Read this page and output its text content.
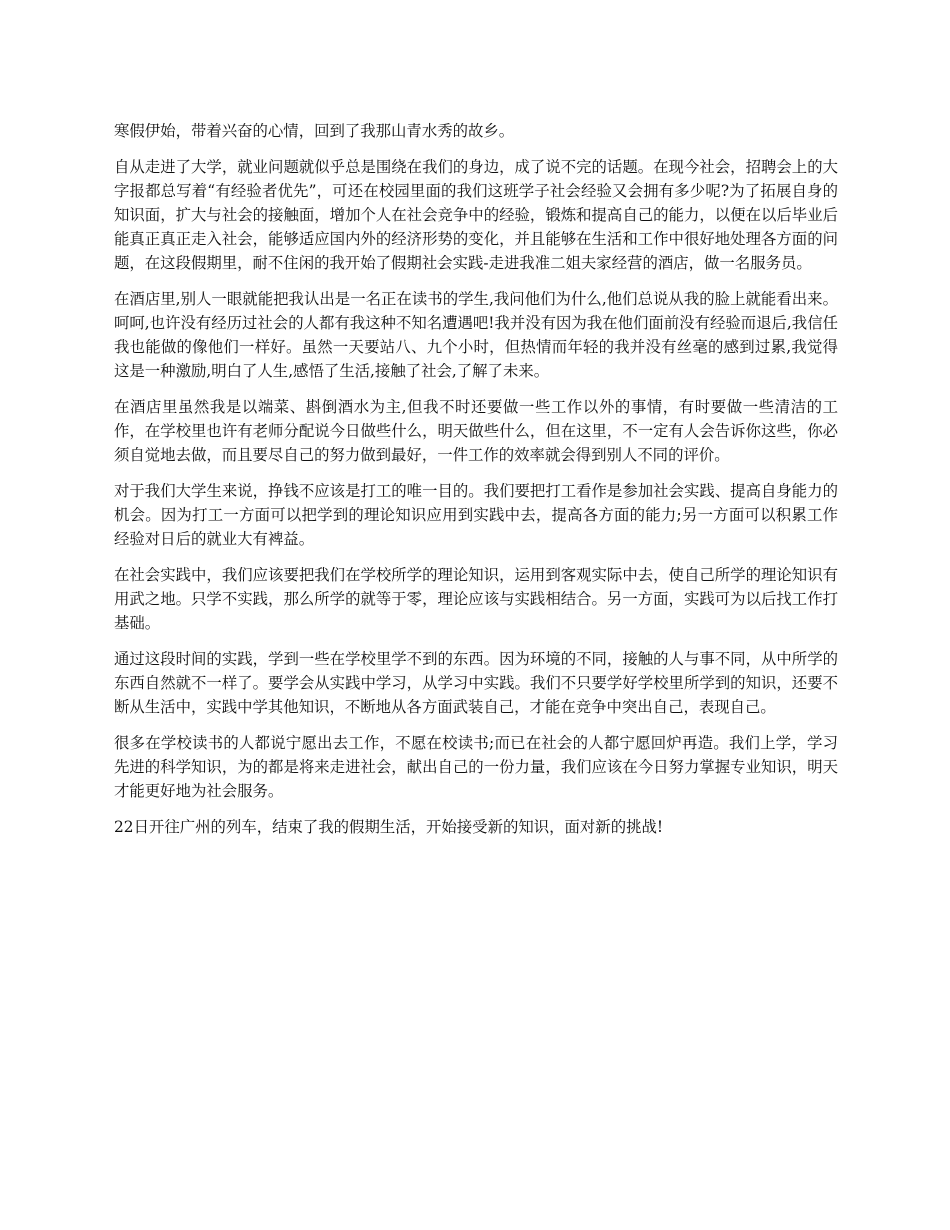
寒假伊始，带着兴奋的心情，回到了我那山青水秀的故乡。

自从走进了大学，就业问题就似乎总是围绕在我们的身边，成了说不完的话题。在现今社会，招聘会上的大字报都总写着“有经验者优先”，可还在校园里面的我们这班学子社会经验又会拥有多少呢?为了拓展自身的知识面，扩大与社会的接触面，增加个人在社会竞争中的经验，锻炼和提高自己的能力，以便在以后毕业后能真正真正走入社会，能够适应国内外的经济形势的变化，并且能够在生活和工作中很好地处理各方面的问题，在这段假期里，耐不住闲的我开始了假期社会实践-走进我准二姐夫家经营的酒店，做一名服务员。

在酒店里,别人一眼就能把我认出是一名正在读书的学生,我问他们为什么,他们总说从我的脸上就能看出来。呵呵,也许没有经历过社会的人都有我这种不知名遭遇吧!我并没有因为我在他们面前没有经验而退后,我信任我也能做的像他们一样好。虽然一天要站八、九个小时，但热情而年轻的我并没有丝毫的感到过累,我觉得这是一种激励,明白了人生,感悟了生活,接触了社会,了解了未来。

在酒店里虽然我是以端菜、斟倒酒水为主,但我不时还要做一些工作以外的事情，有时要做一些清洁的工作，在学校里也许有老师分配说今日做些什么，明天做些什么，但在这里，不一定有人会告诉你这些，你必须自觉地去做，而且要尽自己的努力做到最好，一件工作的效率就会得到别人不同的评价。

对于我们大学生来说，挣钱不应该是打工的唯一目的。我们要把打工看作是参加社会实践、提高自身能力的机会。因为打工一方面可以把学到的理论知识应用到实践中去，提高各方面的能力;另一方面可以积累工作经验对日后的就业大有裨益。

在社会实践中，我们应该要把我们在学校所学的理论知识，运用到客观实际中去，使自己所学的理论知识有用武之地。只学不实践，那么所学的就等于零，理论应该与实践相结合。另一方面，实践可为以后找工作打基础。

通过这段时间的实践，学到一些在学校里学不到的东西。因为环境的不同，接触的人与事不同，从中所学的东西自然就不一样了。要学会从实践中学习，从学习中实践。我们不只要学好学校里所学到的知识，还要不断从生活中，实践中学其他知识，不断地从各方面武装自己，才能在竞争中突出自己，表现自己。

很多在学校读书的人都说宁愿出去工作，不愿在校读书;而已在社会的人都宁愿回炉再造。我们上学，学习先进的科学知识，为的都是将来走进社会，献出自己的一份力量，我们应该在今日努力掌握专业知识，明天才能更好地为社会服务。

22日开往广州的列车，结束了我的假期生活，开始接受新的知识，面对新的挑战!
